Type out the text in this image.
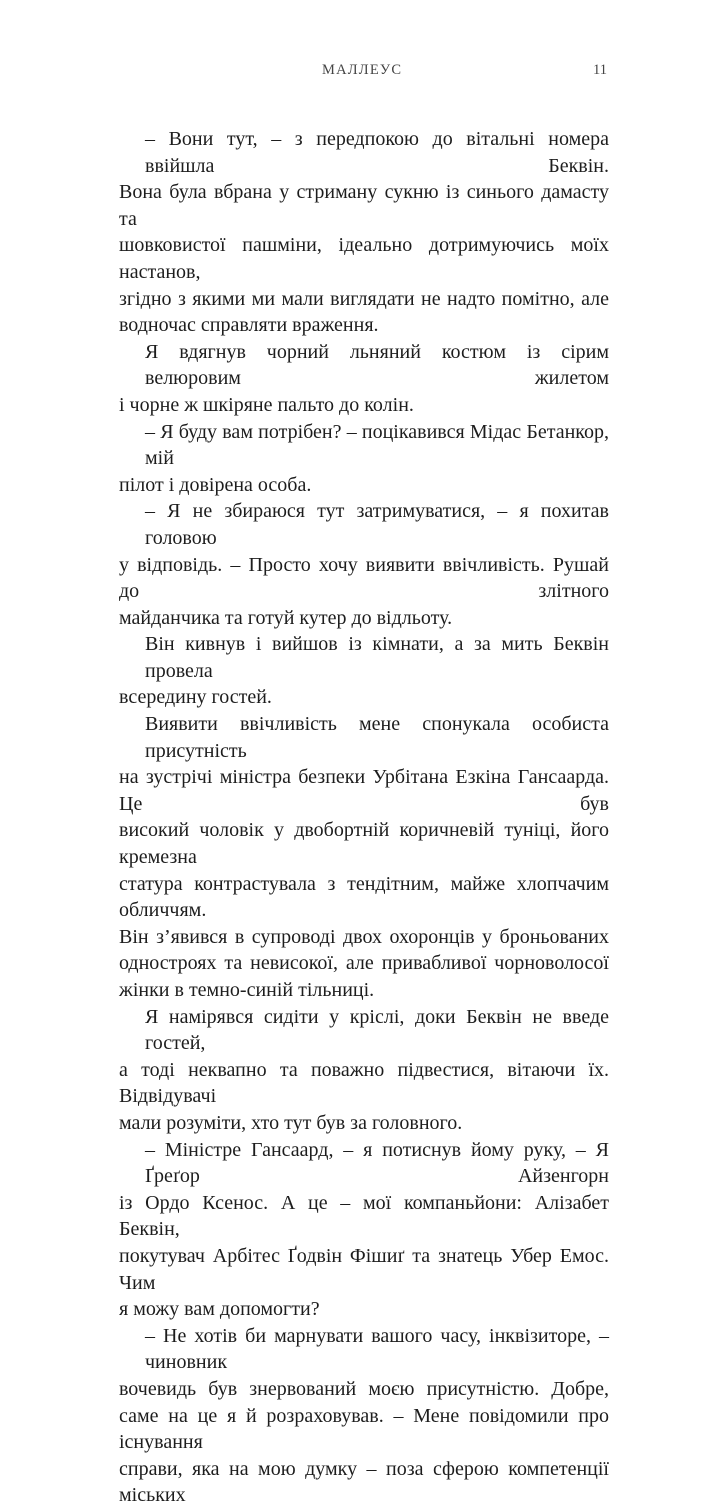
МАЛЛЕУС	11

– Вони тут, – з передпокою до вітальні номера ввійшла Беквін.
Вона була вбрана у стриману сукню із синього дамасту та
шовковистої пашміни, ідеально дотримуючись моїх настанов,
згідно з якими ми мали виглядати не надто помітно, але
водночас справляти враження.

Я вдягнув чорний льняний костюм із сірим велюровим жилетом
і чорне ж шкіряне пальто до колін.

– Я буду вам потрібен? – поцікавився Мідас Бетанкор, мій
пілот і довірена особа.

– Я не збираюся тут затримуватися, – я похитав головою
у відповідь. – Просто хочу виявити ввічливість. Рушай до злітного
майданчика та готуй кутер до відльоту.

Він кивнув і вийшов із кімнати, а за мить Беквін провела
всередину гостей.

Виявити ввічливість мене спонукала особиста присутність
на зустрічі міністра безпеки Урбітана Езкіна Гансаарда. Це був
високий чоловік у двобортній коричневій туніці, його кремезна
статура контрастувала з тендітним, майже хлопчачим обличчям.
Він з’явився в супроводі двох охоронців у броньованих
одностроях та невисокої, але привабливої чорноволосої
жінки в темно-синій тільниці.

Я намірявся сидіти у кріслі, доки Беквін не введе гостей,
а тоді неквапно та поважно підвестися, вітаючи їх. Відвідувачі
мали розуміти, хто тут був за головного.

– Міністре Гансаард, – я потиснув йому руку, – Я Ґреґор Айзенгорн
із Ордо Ксенос. А це – мої компаньйони: Алізабет Беквін,
покутувач Арбітес Ґодвін Фішиґ та знатець Убер Емос. Чим
я можу вам допомогти?

– Не хотів би марнувати вашого часу, інквізиторе, – чиновник
вочевидь був знервований моєю присутністю. Добре,
саме на це я й розраховував. – Мене повідомили про існування
справи, яка на мою думку – поза сферою компетенції міських
